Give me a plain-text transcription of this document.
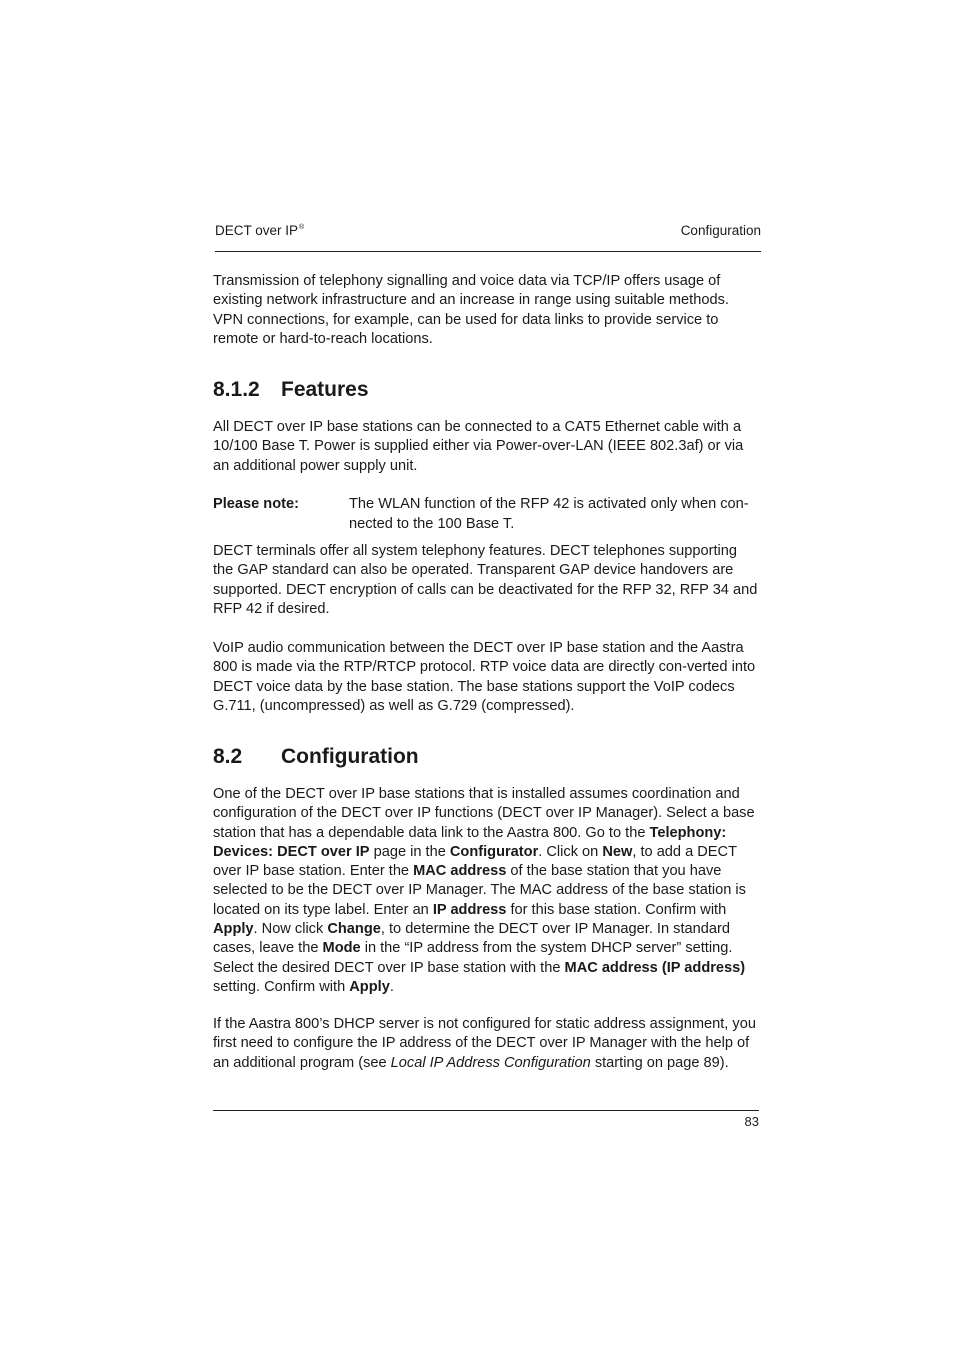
DECT over IP®	Configuration

Transmission of telephony signalling and voice data via TCP/IP offers usage of existing network infrastructure and an increase in range using suitable methods. VPN connections, for example, can be used for data links to provide service to remote or hard-to-reach locations.

8.1.2 Features

All DECT over IP base stations can be connected to a CAT5 Ethernet cable with a 10/100 Base T. Power is supplied either via Power-over-LAN (IEEE 802.3af) or via an additional power supply unit.

Please note:	The WLAN function of the RFP 42 is activated only when con-nected to the 100 Base T.

DECT terminals offer all system telephony features. DECT telephones supporting the GAP standard can also be operated. Transparent GAP device handovers are supported. DECT encryption of calls can be deactivated for the RFP 32, RFP 34 and RFP 42 if desired.

VoIP audio communication between the DECT over IP base station and the Aastra 800 is made via the RTP/RTCP protocol. RTP voice data are directly con-verted into DECT voice data by the base station. The base stations support the VoIP codecs G.711, (uncompressed) as well as G.729 (compressed).

8.2 Configuration

One of the DECT over IP base stations that is installed assumes coordination and configuration of the DECT over IP functions (DECT over IP Manager). Select a base station that has a dependable data link to the Aastra 800. Go to the Telephony: Devices: DECT over IP page in the Configurator. Click on New, to add a DECT over IP base station. Enter the MAC address of the base station that you have selected to be the DECT over IP Manager. The MAC address of the base station is located on its type label. Enter an IP address for this base station. Confirm with Apply. Now click Change, to determine the DECT over IP Manager. In standard cases, leave the Mode in the “IP address from the system DHCP server” setting. Select the desired DECT over IP base station with the MAC address (IP address) setting. Confirm with Apply.

If the Aastra 800’s DHCP server is not configured for static address assignment, you first need to configure the IP address of the DECT over IP Manager with the help of an additional program (see Local IP Address Configuration starting on page 89).

83
